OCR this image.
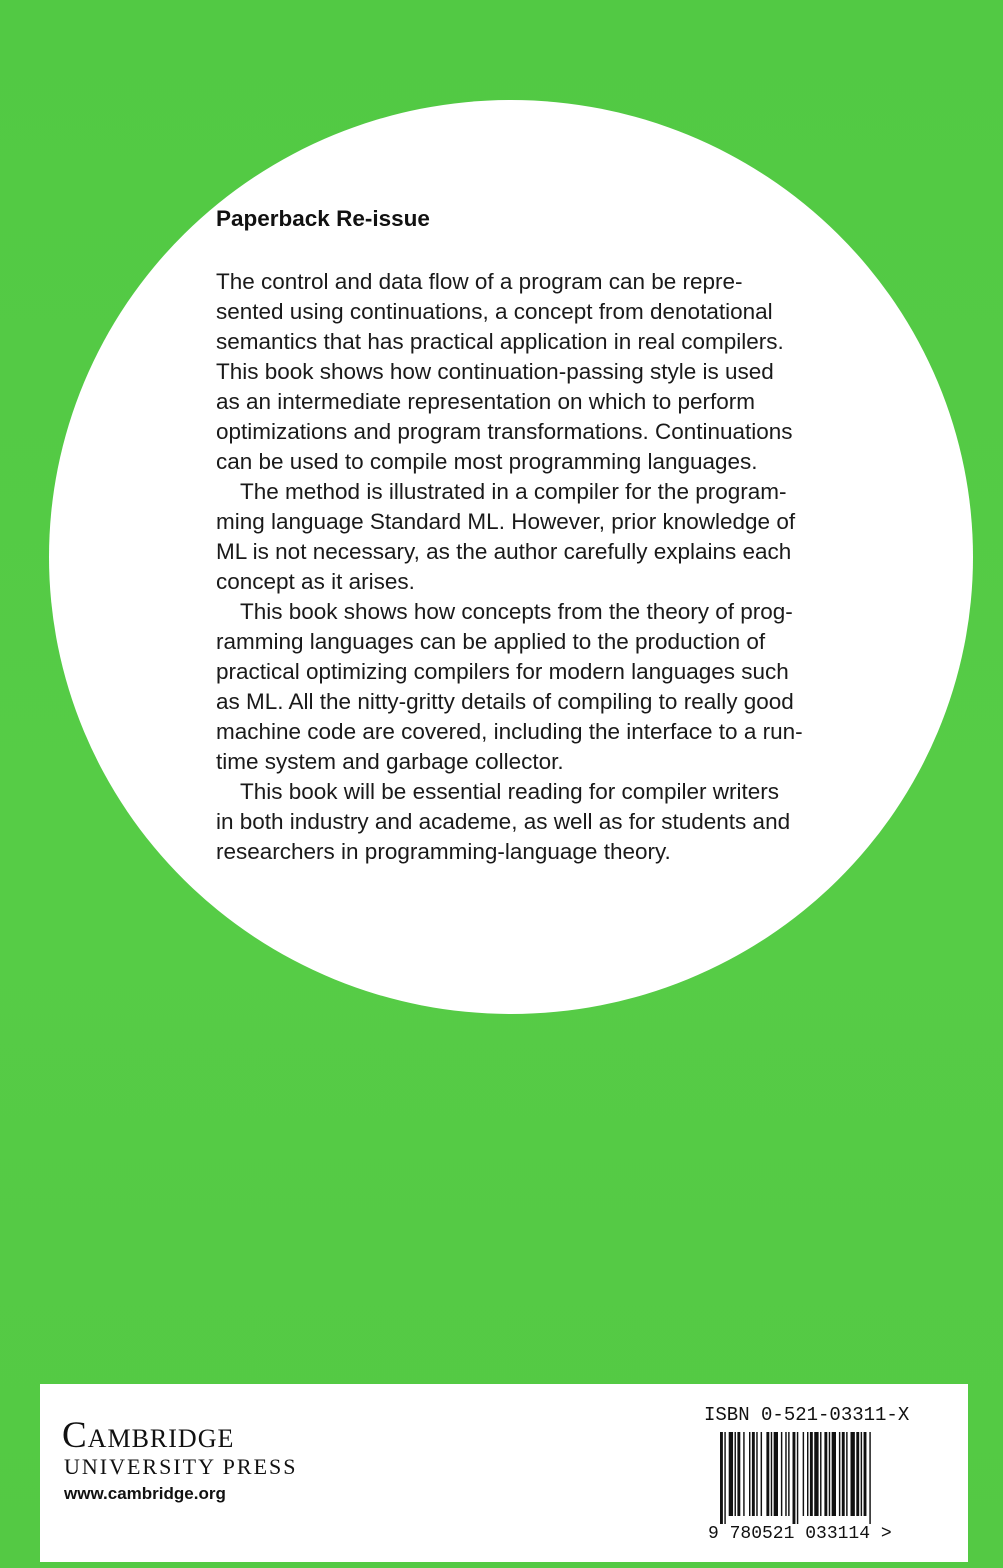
Paperback Re-issue

The control and data flow of a program can be repre-
sented using continuations, a concept from denotational
semantics that has practical application in real compilers.
This book shows how continuation-passing style is used
as an intermediate representation on which to perform
optimizations and program transformations. Continuations
can be used to compile most programming languages.

The method is illustrated in a compiler for the program-
ming language Standard ML. However, prior knowledge of
ML is not necessary, as the author carefully explains each
concept as it arises.

This book shows how concepts from the theory of prog-
ramming languages can be applied to the production of
practical optimizing compilers for modern languages such
as ML. All the nitty-gritty details of compiling to really good
machine code are covered, including the interface to a run-
time system and garbage collector.

This book will be essential reading for compiler writers
in both industry and academe, as well as for students and
researchers in programming-language theory.

Cambridge
UNIVERSITY PRESS
www.cambridge.org
ISBN 0-521-03311-X
9 780521 033114 >
